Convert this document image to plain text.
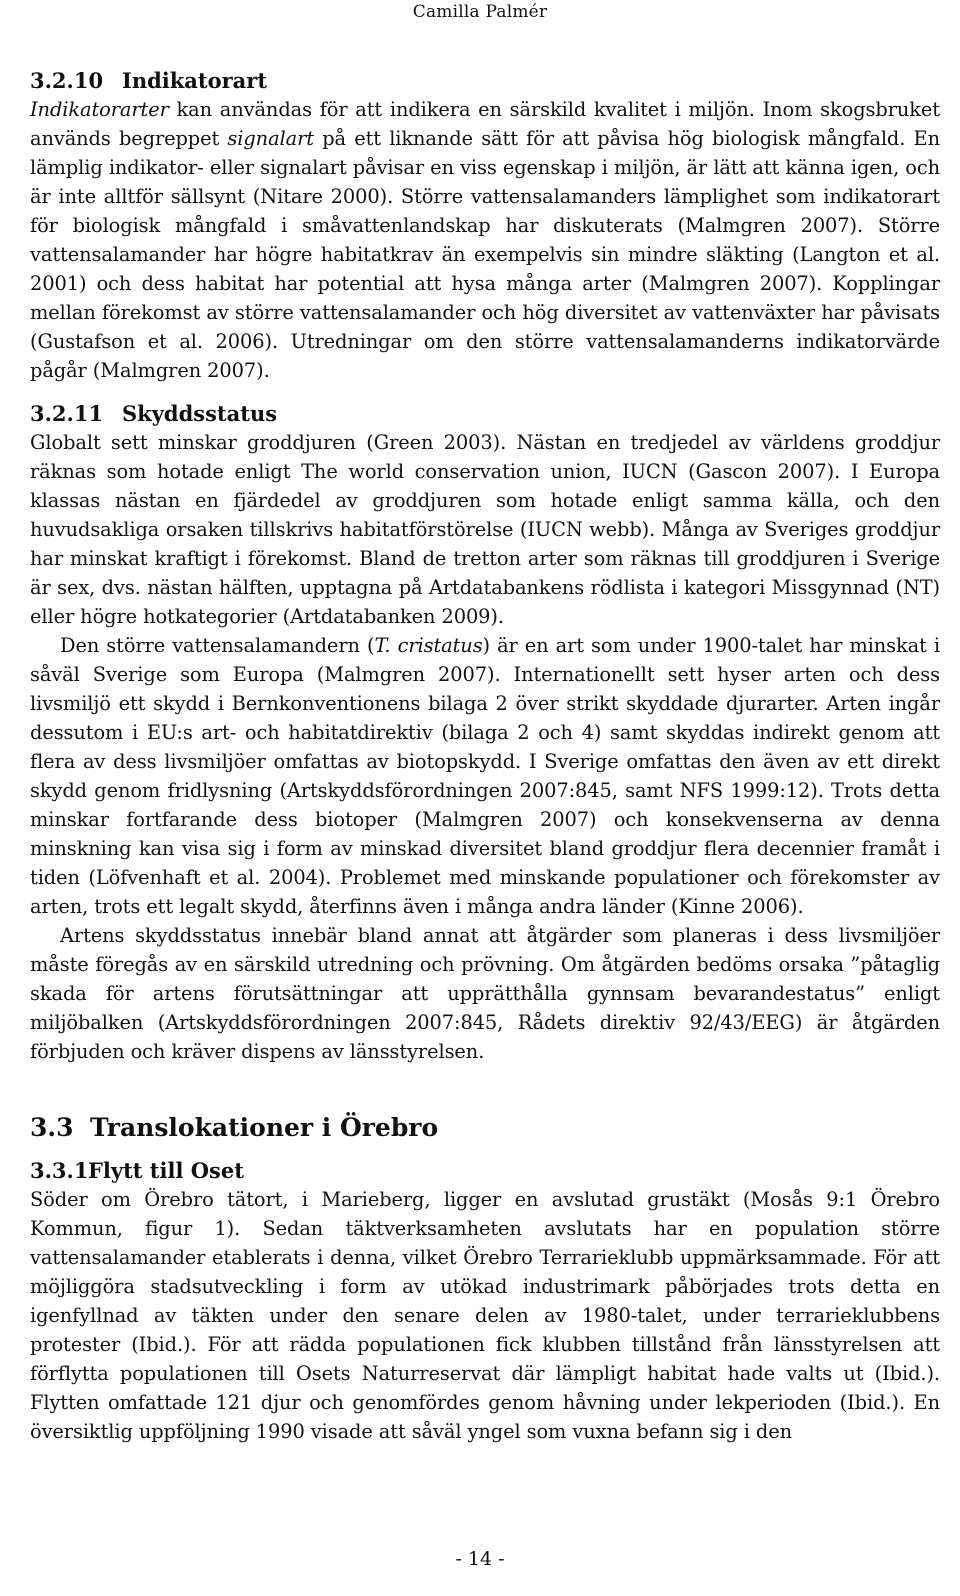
Camilla Palmér
3.2.10 Indikatorart

Indikatorarter kan användas för att indikera en särskild kvalitet i miljön. Inom skogsbruket används begreppet signalart på ett liknande sätt för att påvisa hög biologisk mångfald. En lämplig indikator- eller signalart påvisar en viss egenskap i miljön, är lätt att känna igen, och är inte alltför sällsynt (Nitare 2000). Större vattensalamanders lämplighet som indikatorart för biologisk mångfald i småvattenlandskap har diskuterats (Malmgren 2007). Större vattensalamander har högre habitatkrav än exempelvis sin mindre släkting (Langton et al. 2001) och dess habitat har potential att hysa många arter (Malmgren 2007). Kopplingar mellan förekomst av större vattensalamander och hög diversitet av vattenväxter har påvisats (Gustafson et al. 2006). Utredningar om den större vattensalamanderns indikatorvärde pågår (Malmgren 2007).

3.2.11 Skyddsstatus

Globalt sett minskar groddjuren (Green 2003). Nästan en tredjedel av världens groddjur räknas som hotade enligt The world conservation union, IUCN (Gascon 2007). I Europa klassas nästan en fjärdedel av groddjuren som hotade enligt samma källa, och den huvudsakliga orsaken tillskrivs habitatförstörelse (IUCN webb). Många av Sveriges groddjur har minskat kraftigt i förekomst. Bland de tretton arter som räknas till groddjuren i Sverige är sex, dvs. nästan hälften, upptagna på Artdatabankens rödlista i kategori Missgynnad (NT) eller högre hotkategorier (Artdatabanken 2009).

Den större vattensalamandern (T. cristatus) är en art som under 1900-talet har minskat i såväl Sverige som Europa (Malmgren 2007). Internationellt sett hyser arten och dess livsmiljö ett skydd i Bernkonventionens bilaga 2 över strikt skyddade djurarter. Arten ingår dessutom i EU:s art- och habitatdirektiv (bilaga 2 och 4) samt skyddas indirekt genom att flera av dess livsmiljöer omfattas av biotopskydd. I Sverige omfattas den även av ett direkt skydd genom fridlysning (Artskyddsförordningen 2007:845, samt NFS 1999:12). Trots detta minskar fortfarande dess biotoper (Malmgren 2007) och konsekvenserna av denna minskning kan visa sig i form av minskad diversitet bland groddjur flera decennier framåt i tiden (Löfvenhaft et al. 2004). Problemet med minskande populationer och förekomster av arten, trots ett legalt skydd, återfinns även i många andra länder (Kinne 2006).

Artens skyddsstatus innebär bland annat att åtgärder som planeras i dess livsmiljöer måste föregås av en särskild utredning och prövning. Om åtgärden bedöms orsaka ”påtaglig skada för artens förutsättningar att upprätthålla gynnsam bevarandestatus” enligt miljöbalken (Artskyddsförordningen 2007:845, Rådets direktiv 92/43/EEG) är åtgärden förbjuden och kräver dispens av länsstyrelsen.

3.3 Translokationer i Örebro
3.3.1Flytt till Oset

Söder om Örebro tätort, i Marieberg, ligger en avslutad grustäkt (Mosås 9:1 Örebro Kommun, figur 1). Sedan täktverksamheten avslutats har en population större vattensalamander etablerats i denna, vilket Örebro Terrarieklubb uppmärksammade. För att möjliggöra stadsutveckling i form av utökad industrimark påbörjades trots detta en igenfyllnad av täkten under den senare delen av 1980-talet, under terrarieklubbens protester (Ibid.). För att rädda populationen fick klubben tillstånd från länsstyrelsen att förflytta populationen till Osets Naturreservat där lämpligt habitat hade valts ut (Ibid.). Flytten omfattade 121 djur och genomfördes genom håvning under lekperioden (Ibid.). En översiktlig uppföljning 1990 visade att såväl yngel som vuxna befann sig i den

- 14 -
